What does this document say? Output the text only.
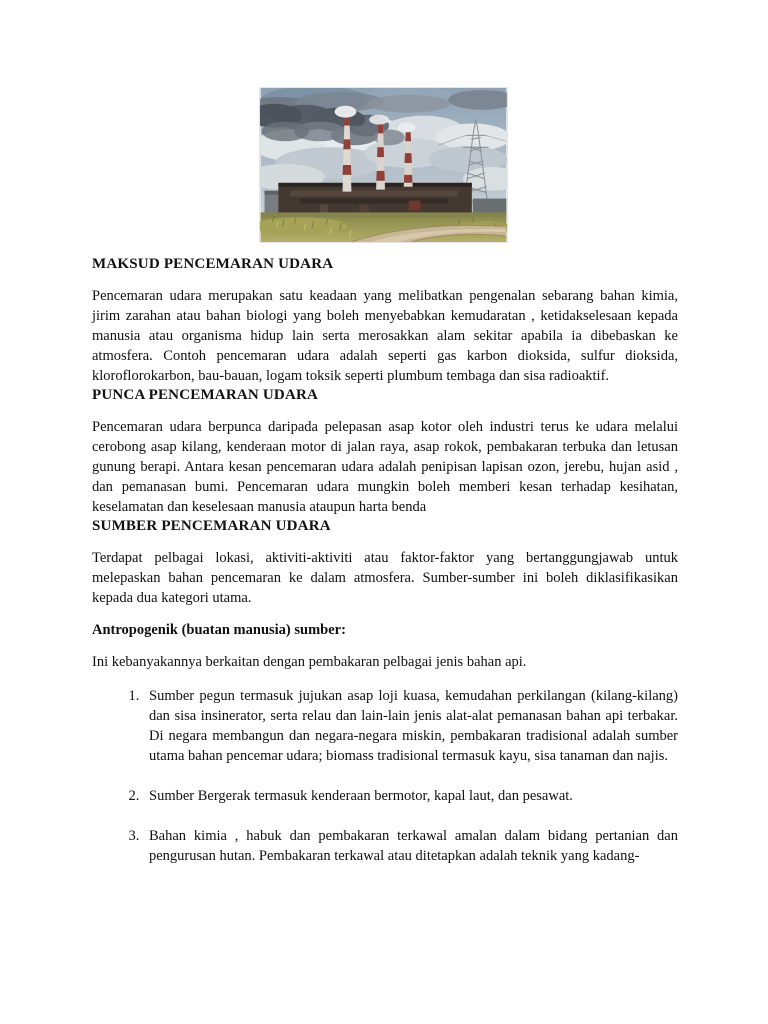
MAKSUD PENCEMARAN UDARA

Pencemaran udara merupakan satu keadaan yang melibatkan pengenalan sebarang bahan kimia, jirim zarahan atau bahan biologi yang boleh menyebabkan kemudaratan , ketidakselesaan kepada manusia atau organisma hidup lain serta merosakkan alam sekitar apabila ia dibebaskan ke atmosfera. Contoh pencemaran udara adalah seperti gas karbon dioksida, sulfur dioksida, kloroflorokarbon, bau-bauan, logam toksik seperti plumbum tembaga dan sisa radioaktif.

PUNCA PENCEMARAN UDARA

Pencemaran udara berpunca daripada pelepasan asap kotor oleh industri terus ke udara melalui cerobong asap kilang, kenderaan motor di jalan raya, asap rokok, pembakaran terbuka dan letusan gunung berapi. Antara kesan pencemaran udara adalah penipisan lapisan ozon, jerebu, hujan asid , dan pemanasan bumi. Pencemaran udara mungkin boleh memberi kesan terhadap kesihatan, keselamatan dan keselesaan manusia ataupun harta benda

SUMBER PENCEMARAN UDARA

Terdapat pelbagai lokasi, aktiviti-aktiviti atau faktor-faktor yang bertanggungjawab untuk melepaskan bahan pencemaran ke dalam atmosfera. Sumber-sumber ini boleh diklasifikasikan kepada dua kategori utama.

Antropogenik (buatan manusia) sumber:

Ini kebanyakannya berkaitan dengan pembakaran pelbagai jenis bahan api.

1. Sumber pegun termasuk jujukan asap loji kuasa, kemudahan perkilangan (kilang-kilang) dan sisa insinerator, serta relau dan lain-lain jenis alat-alat pemanasan bahan api terbakar. Di negara membangun dan negara-negara miskin, pembakaran tradisional adalah sumber utama bahan pencemar udara; biomass tradisional termasuk kayu, sisa tanaman dan najis.
2. Sumber Bergerak termasuk kenderaan bermotor, kapal laut, dan pesawat.
3. Bahan kimia , habuk dan pembakaran terkawal amalan dalam bidang pertanian dan pengurusan hutan. Pembakaran terkawal atau ditetapkan adalah teknik yang kadang-
